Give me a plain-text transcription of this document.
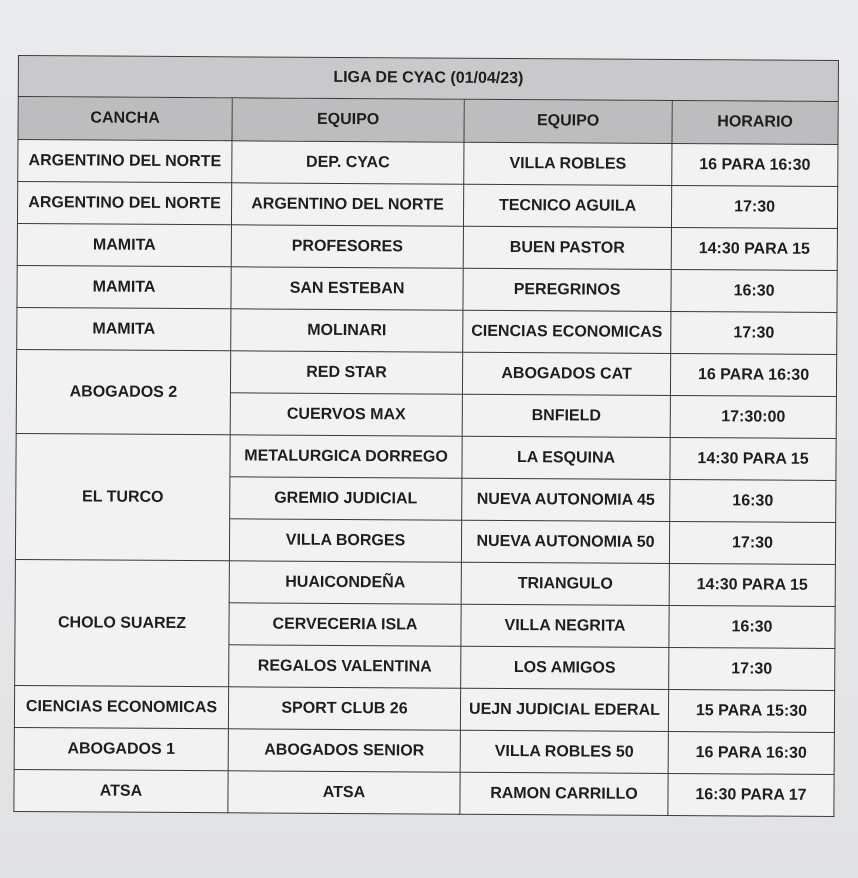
LIGA DE CYAC (01/04/23)			
CANCHA	EQUIPO	EQUIPO	HORARIO
ARGENTINO DEL NORTE	DEP. CYAC	VILLA ROBLES	16 PARA 16:30
ARGENTINO DEL NORTE	ARGENTINO DEL NORTE	TECNICO AGUILA	17:30
MAMITA	PROFESORES	BUEN PASTOR	14:30 PARA 15
MAMITA	SAN ESTEBAN	PEREGRINOS	16:30
MAMITA	MOLINARI	CIENCIAS ECONOMICAS	17:30
ABOGADOS 2	RED STAR	ABOGADOS CAT	16 PARA 16:30
	CUERVOS MAX	BNFIELD	17:30:00
EL TURCO	METALURGICA DORREGO	LA ESQUINA	14:30 PARA 15
	GREMIO JUDICIAL	NUEVA AUTONOMIA 45	16:30
	VILLA BORGES	NUEVA AUTONOMIA 50	17:30
CHOLO SUAREZ	HUAICONDEÑA	TRIANGULO	14:30 PARA 15
	CERVECERIA ISLA	VILLA NEGRITA	16:30
	REGALOS VALENTINA	LOS AMIGOS	17:30
CIENCIAS ECONOMICAS	SPORT CLUB 26	UEJN JUDICIAL EDERAL	15 PARA 15:30
ABOGADOS 1	ABOGADOS SENIOR	VILLA ROBLES 50	16 PARA 16:30
ATSA	ATSA	RAMON CARRILLO	16:30 PARA 17
